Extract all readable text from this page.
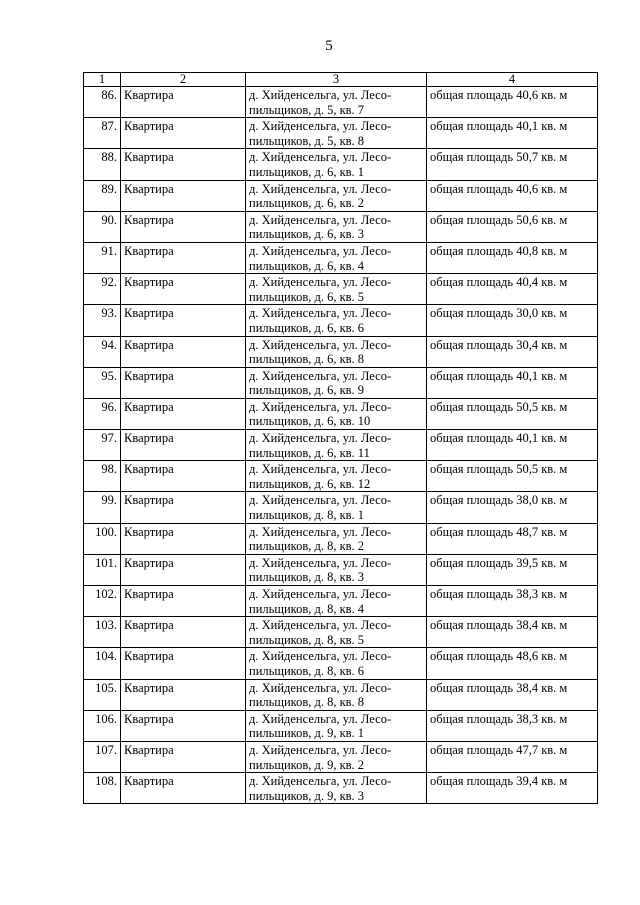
5
1	2	3	4

86.	Квартира	д. Хийденсельга, ул. Лесо-
пильщиков, д. 5, кв. 7	общая площадь 40,6 кв. м

87.	Квартира	д. Хийденсельга, ул. Лесо-
пильщиков, д. 5, кв. 8	общая площадь 40,1 кв. м

88.	Квартира	д. Хийденсельга, ул. Лесо-
пильщиков, д. 6, кв. 1	общая площадь 50,7 кв. м

89.	Квартира	д. Хийденсельга, ул. Лесо-
пильщиков, д. 6, кв. 2	общая площадь 40,6 кв. м

90.	Квартира	д. Хийденсельга, ул. Лесо-
пильщиков, д. 6, кв. 3	общая площадь 50,6 кв. м

91.	Квартира	д. Хийденсельга, ул. Лесо-
пильщиков, д. 6, кв. 4	общая площадь 40,8 кв. м

92.	Квартира	д. Хийденсельга, ул. Лесо-
пильщиков, д. 6, кв. 5	общая площадь 40,4 кв. м

93.	Квартира	д. Хийденсельга, ул. Лесо-
пильщиков, д. 6, кв. 6	общая площадь 30,0 кв. м

94.	Квартира	д. Хийденсельга, ул. Лесо-
пильщиков, д. 6, кв. 8	общая площадь 30,4 кв. м

95.	Квартира	д. Хийденсельга, ул. Лесо-
пильщиков, д. 6, кв. 9	общая площадь 40,1 кв. м

96.	Квартира	д. Хийденсельга, ул. Лесо-
пильщиков, д. 6, кв. 10	общая площадь 50,5 кв. м

97.	Квартира	д. Хийденсельга, ул. Лесо-
пильщиков, д. 6, кв. 11	общая площадь 40,1 кв. м

98.	Квартира	д. Хийденсельга, ул. Лесо-
пильщиков, д. 6, кв. 12	общая площадь 50,5 кв. м

99.	Квартира	д. Хийденсельга, ул. Лесо-
пильщиков, д. 8, кв. 1	общая площадь 38,0 кв. м

100.	Квартира	д. Хийденсельга, ул. Лесо-
пильщиков, д. 8, кв. 2	общая площадь 48,7 кв. м

101.	Квартира	д. Хийденсельга, ул. Лесо-
пильщиков, д. 8, кв. 3	общая площадь 39,5 кв. м

102.	Квартира	д. Хийденсельга, ул. Лесо-
пильщиков, д. 8, кв. 4	общая площадь 38,3 кв. м

103.	Квартира	д. Хийденсельга, ул. Лесо-
пильщиков, д. 8, кв. 5	общая площадь 38,4 кв. м

104.	Квартира	д. Хийденсельга, ул. Лесо-
пильщиков, д. 8, кв. 6	общая площадь 48,6 кв. м

105.	Квартира	д. Хийденсельга, ул. Лесо-
пильщиков, д. 8, кв. 8	общая площадь 38,4 кв. м

106.	Квартира	д. Хийденсельга, ул. Лесо-
пильшиков, д. 9, кв. 1	общая площадь 38,3 кв. м

107.	Квартира	д. Хийденсельга, ул. Лесо-
пильщиков, д. 9, кв. 2	общая площадь 47,7 кв. м

108.	Квартира	д. Хийденсельга, ул. Лесо-
пильщиков, д. 9, кв. 3	общая площадь 39,4 кв. м
